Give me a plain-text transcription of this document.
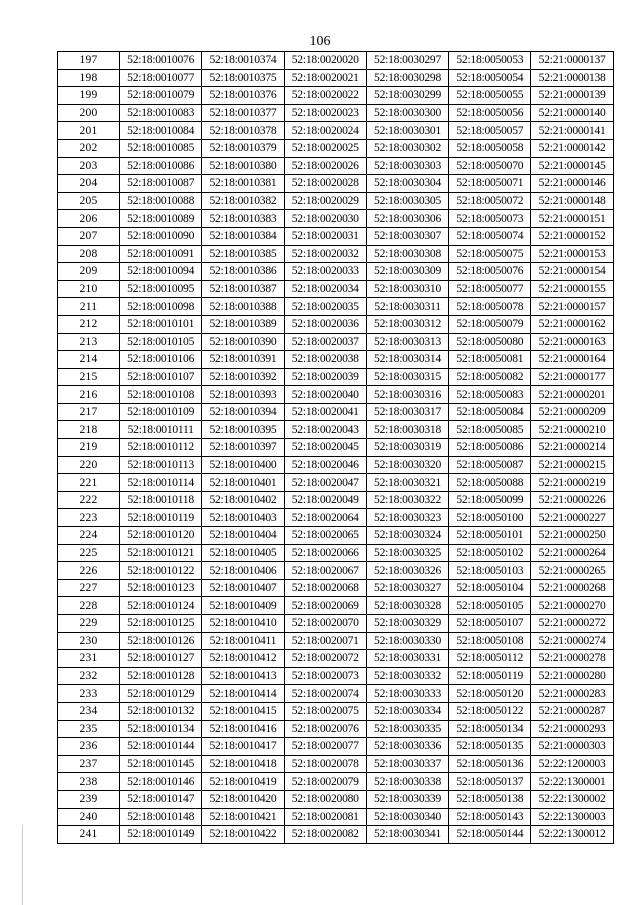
106
197	52:18:0010076	52:18:0010374	52:18:0020020	52:18:0030297	52:18:0050053	52:21:0000137
198	52:18:0010077	52:18:0010375	52:18:0020021	52:18:0030298	52:18:0050054	52:21:0000138
199	52:18:0010079	52:18:0010376	52:18:0020022	52:18:0030299	52:18:0050055	52:21:0000139
200	52:18:0010083	52:18:0010377	52:18:0020023	52:18:0030300	52:18:0050056	52:21:0000140
201	52:18:0010084	52:18:0010378	52:18:0020024	52:18:0030301	52:18:0050057	52:21:0000141
202	52:18:0010085	52:18:0010379	52:18:0020025	52:18:0030302	52:18:0050058	52:21:0000142
203	52:18:0010086	52:18:0010380	52:18:0020026	52:18:0030303	52:18:0050070	52:21:0000145
204	52:18:0010087	52:18:0010381	52:18:0020028	52:18:0030304	52:18:0050071	52:21:0000146
205	52:18:0010088	52:18:0010382	52:18:0020029	52:18:0030305	52:18:0050072	52:21:0000148
206	52:18:0010089	52:18:0010383	52:18:0020030	52:18:0030306	52:18:0050073	52:21:0000151
207	52:18:0010090	52:18:0010384	52:18:0020031	52:18:0030307	52:18:0050074	52:21:0000152
208	52:18:0010091	52:18:0010385	52:18:0020032	52:18:0030308	52:18:0050075	52:21:0000153
209	52:18:0010094	52:18:0010386	52:18:0020033	52:18:0030309	52:18:0050076	52:21:0000154
210	52:18:0010095	52:18:0010387	52:18:0020034	52:18:0030310	52:18:0050077	52:21:0000155
211	52:18:0010098	52:18:0010388	52:18:0020035	52:18:0030311	52:18:0050078	52:21:0000157
212	52:18:0010101	52:18:0010389	52:18:0020036	52:18:0030312	52:18:0050079	52:21:0000162
213	52:18:0010105	52:18:0010390	52:18:0020037	52:18:0030313	52:18:0050080	52:21:0000163
214	52:18:0010106	52:18:0010391	52:18:0020038	52:18:0030314	52:18:0050081	52:21:0000164
215	52:18:0010107	52:18:0010392	52:18:0020039	52:18:0030315	52:18:0050082	52:21:0000177
216	52:18:0010108	52:18:0010393	52:18:0020040	52:18:0030316	52:18:0050083	52:21:0000201
217	52:18:0010109	52:18:0010394	52:18:0020041	52:18:0030317	52:18:0050084	52:21:0000209
218	52:18:0010111	52:18:0010395	52:18:0020043	52:18:0030318	52:18:0050085	52:21:0000210
219	52:18:0010112	52:18:0010397	52:18:0020045	52:18:0030319	52:18:0050086	52:21:0000214
220	52:18:0010113	52:18:0010400	52:18:0020046	52:18:0030320	52:18:0050087	52:21:0000215
221	52:18:0010114	52:18:0010401	52:18:0020047	52:18:0030321	52:18:0050088	52:21:0000219
222	52:18:0010118	52:18:0010402	52:18:0020049	52:18:0030322	52:18:0050099	52:21:0000226
223	52:18:0010119	52:18:0010403	52:18:0020064	52:18:0030323	52:18:0050100	52:21:0000227
224	52:18:0010120	52:18:0010404	52:18:0020065	52:18:0030324	52:18:0050101	52:21:0000250
225	52:18:0010121	52:18:0010405	52:18:0020066	52:18:0030325	52:18:0050102	52:21:0000264
226	52:18:0010122	52:18:0010406	52:18:0020067	52:18:0030326	52:18:0050103	52:21:0000265
227	52:18:0010123	52:18:0010407	52:18:0020068	52:18:0030327	52:18:0050104	52:21:0000268
228	52:18:0010124	52:18:0010409	52:18:0020069	52:18:0030328	52:18:0050105	52:21:0000270
229	52:18:0010125	52:18:0010410	52:18:0020070	52:18:0030329	52:18:0050107	52:21:0000272
230	52:18:0010126	52:18:0010411	52:18:0020071	52:18:0030330	52:18:0050108	52:21:0000274
231	52:18:0010127	52:18:0010412	52:18:0020072	52:18:0030331	52:18:0050112	52:21:0000278
232	52:18:0010128	52:18:0010413	52:18:0020073	52:18:0030332	52:18:0050119	52:21:0000280
233	52:18:0010129	52:18:0010414	52:18:0020074	52:18:0030333	52:18:0050120	52:21:0000283
234	52:18:0010132	52:18:0010415	52:18:0020075	52:18:0030334	52:18:0050122	52:21:0000287
235	52:18:0010134	52:18:0010416	52:18:0020076	52:18:0030335	52:18:0050134	52:21:0000293
236	52:18:0010144	52:18:0010417	52:18:0020077	52:18:0030336	52:18:0050135	52:21:0000303
237	52:18:0010145	52:18:0010418	52:18:0020078	52:18:0030337	52:18:0050136	52:22:1200003
238	52:18:0010146	52:18:0010419	52:18:0020079	52:18:0030338	52:18:0050137	52:22:1300001
239	52:18:0010147	52:18:0010420	52:18:0020080	52:18:0030339	52:18:0050138	52:22:1300002
240	52:18:0010148	52:18:0010421	52:18:0020081	52:18:0030340	52:18:0050143	52:22:1300003
241	52:18:0010149	52:18:0010422	52:18:0020082	52:18:0030341	52:18:0050144	52:22:1300012
